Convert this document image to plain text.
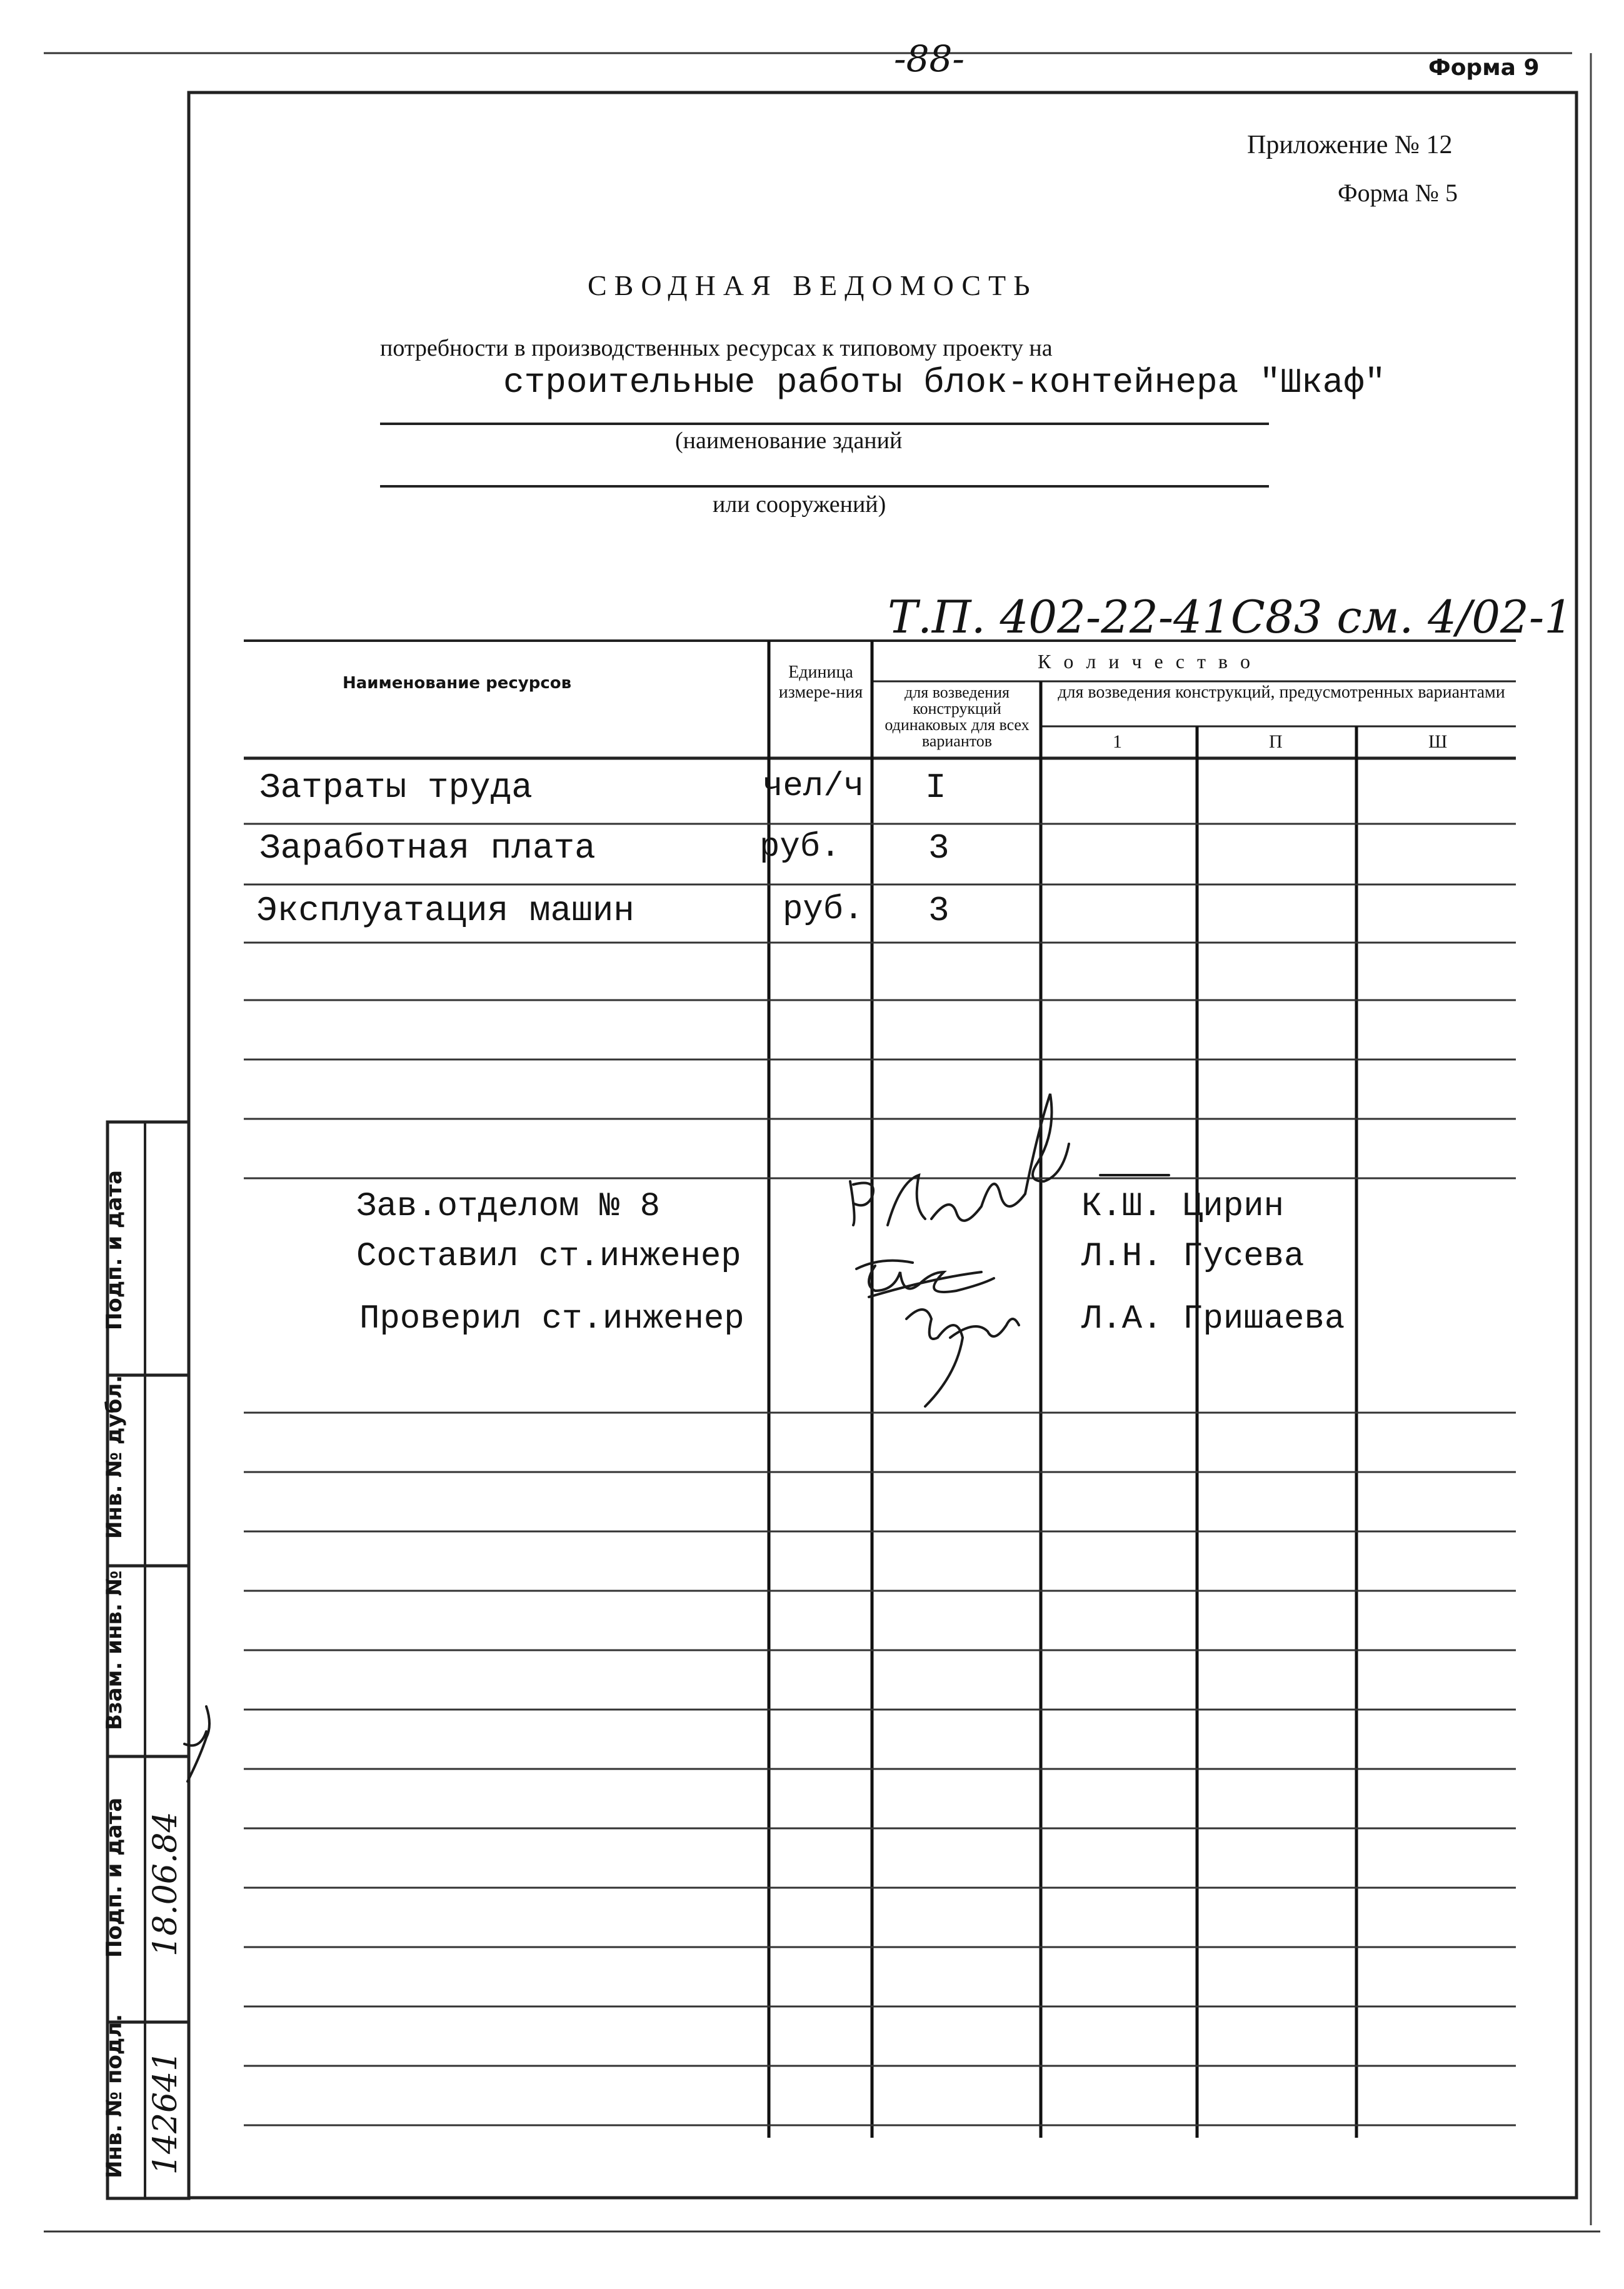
-88-	Форма 9
Приложение № 12
Форма № 5
СВОДНАЯ ВЕДОМОСТЬ
потребности в производственных ресурсах к типовому проекту на
строительные работы блок-контейнера "Шкаф"
(наименование зданий
или сооружений)
Т.П. 402-22-41С83 см. 4/02-1
Наименование ресурсов
Единица измере-ния
К о л и ч е с т в о
для возведения конструкций одинаковых для всех вариантов
для возведения конструкций, предусмотренных вариантами
1	П	Ш
Затраты труда	чел/ч I
Заработная плата	руб.	3
Эксплуатация машин	руб. 3
Зав.отделом № 8	К.Ш. Цирин
Составил ст.инженер	Л.Н. Гусева
Проверил ст.инженер	Л.А. Гришаева
Подп. и дата
Инв. № дубл.
Взам. инв. №
Подп. и дата
Инв. № подл.
18.06.84
142641
